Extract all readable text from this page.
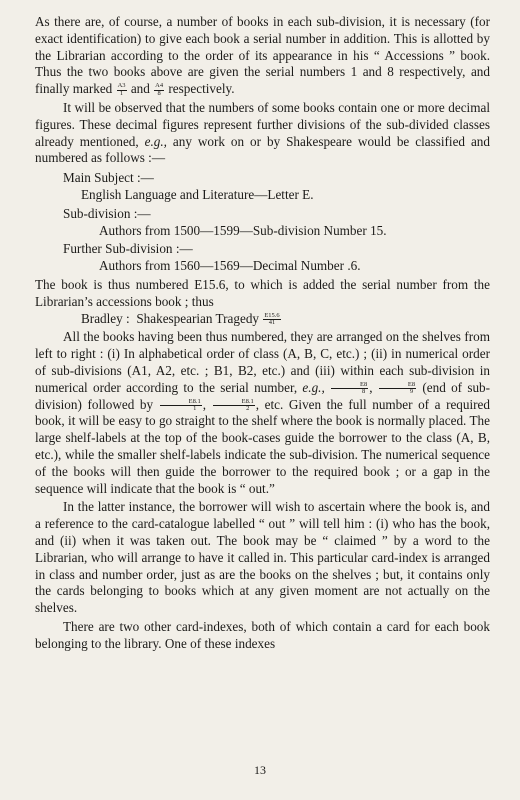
As there are, of course, a number of books in each sub-division, it is necessary (for exact identification) to give each book a serial number in addition. This is allotted by the Librarian according to the order of its appearance in his “ Accessions ” book. Thus the two books above are given the serial numbers 1 and 8 respectively, and finally marked $\frac{A3}{1}$ and $\frac{A4}{8}$ respectively.

It will be observed that the numbers of some books contain one or more decimal figures. These decimal figures represent further divisions of the sub-divided classes already mentioned, e.g., any work on or by Shakespeare would be classified and numbered as follows :—

Main Subject :—

English Language and Literature—Letter E.

Sub-division :—

Authors from 1500—1599—Sub-division Number 15.

Further Sub-division :—

Authors from 1560—1569—Decimal Number .6.

The book is thus numbered E15.6, to which is added the serial number from the Librarian’s accessions book ; thus

Bradley : Shakespearian Tragedy $\frac{E15.6}{41}$

All the books having been thus numbered, they are arranged on the shelves from left to right : (i) In alphabetical order of class (A, B, C, etc.) ; (ii) in numerical order of sub-divisions (A1, A2, etc. ; B1, B2, etc.) and (iii) within each sub-division in numerical order according to the serial number, e.g., $\frac{E8}{8}$ , $\frac{E8}{9} (end$ of sub-division) followed by $\frac{E8.1}{1}$ , $\frac{E8.1}{2}$ , etc. Given the full number of a required book, it will be easy to go straight to the shelf where the book is normally placed. The large shelf-labels at the top of the book-cases guide the borrower to the class (A, B, etc.), while the smaller shelf-labels indicate the sub-division. The numerical sequence of the books will then guide the borrower to the required book ; or a gap in the sequence will indicate that the book is “ out.”

In the latter instance, the borrower will wish to ascertain where the book is, and a reference to the card-catalogue labelled “ out ” will tell him : (i) who has the book, and (ii) when it was taken out. The book may be “ claimed ” by a word to the Librarian, who will arrange to have it called in. This particular card-index is arranged in class and number order, just as are the books on the shelves ; but, it contains only the cards belonging to books which at any given moment are not actually on the shelves.

There are two other card-indexes, both of which contain a card for each book belonging to the library. One of these indexes

13
